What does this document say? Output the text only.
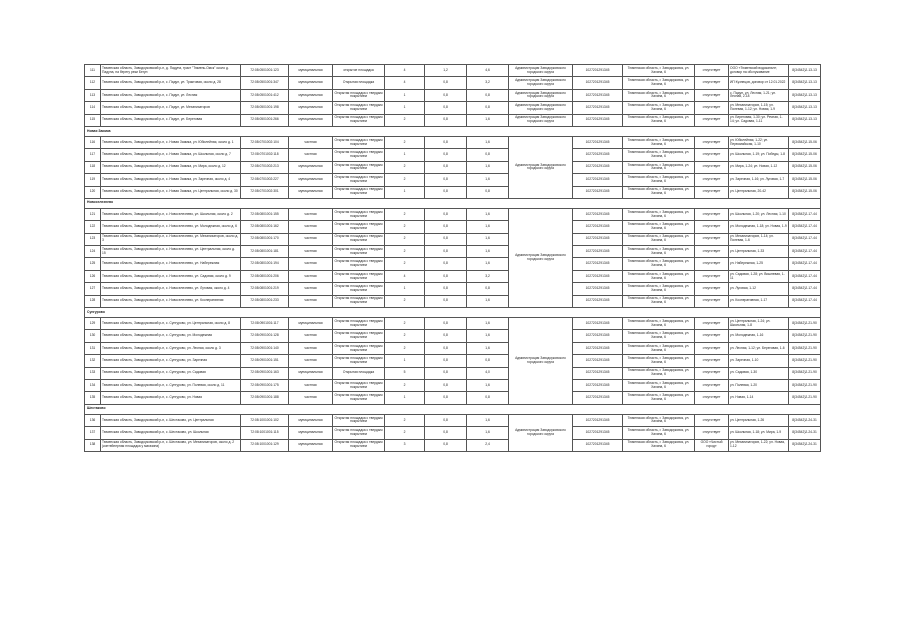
111	Тюменская область, Заводоуковский р-н, д. Падуна, тракт "Тюмень-Омск" около д. Падуна, на берегу реки Бегун	72:08:0501001:123	муниципальная	открытое площадка	4	1,2	4,6	Администрация Заводоуковского городского округа	1027201291345	Тюменская область, г. Заводоуковск, ул. Хахина, 6	отсутствует	ООО «Тюменский водоканал», договор на обслуживание	8(34542)2-13-13
112	Тюменская область, Заводоуковский р-н, с. Падун, ул. Трактовая, около д. 28	72:08:0501001:347	муниципальная	Открытая площадка	4	0,8	3,2	Администрация Заводоуковского городского округа	1027201291345	Тюменская область, г. Заводоуковск, ул. Хахина, 6	отсутствует	ИП Кузнецов, договор от 12.01.2022	8(34542)2-13-13
113	Тюменская область, Заводоуковский р-н, с. Падун, ул. Лесная	72:08:0501001:412	муниципальная	Открытая площадка с твердым покрытием	1	0,8	0,8	Администрация Заводоуковского городского округа	1027201291345	Тюменская область, г. Заводоуковск, ул. Хахина, 6	отсутствует	с. Падун, ул. Лесная, 1-21; ул. Лесная, 2-18	8(34542)2-13-13
114	Тюменская область, Заводоуковский р-н, с. Падун, ул. Механизаторов	72:08:0501001:198	муниципальная	Открытая площадка с твердым покрытием	1	0,8	0,8	Администрация Заводоуковского городского округа	1027201291345	Тюменская область, г. Заводоуковск, ул. Хахина, 6	отсутствует	ул. Механизаторов, 1-15; ул. Полевая, 1-12; ул. Новая, 1-9	8(34542)2-13-13
115	Тюменская область, Заводоуковский р-н, с. Падун, ул. Береговая	72:08:0501001:266	муниципальная	Открытая площадка с твердым покрытием	2	0,8	1,6	Администрация Заводоуковского городского округа	1027201291345	Тюменская область, г. Заводоуковск, ул. Хахина, 6	отсутствует	ул. Береговая, 1-30; ул. Речная, 1-14; ул. Садовая, 1-11	8(34542)2-13-13
Новая Заимка													
116	Тюменская область, Заводоуковский р-н, с. Новая Заимка, ул. Юбилейная, около д. 1	72:08:0701002:104	частная	Открытая площадка с твердым покрытием	2	0,8	1,6	Администрация Заводоуковского городского округа	1027201291345	Тюменская область, г. Заводоуковск, ул. Хахина, 6	отсутствует	ул. Юбилейная, 1-22; ул. Первомайская, 1-10	8(34542)2-15-06
117	Тюменская область, Заводоуковский р-н, с. Новая Заимка, ул. Школьная, около д. 7	72:08:0701002:118	частная	Открытая площадка с твердым покрытием	1	0,8	0,8		1027201291345	Тюменская область, г. Заводоуковск, ул. Хахина, 6	отсутствует	ул. Школьная, 1-19; ул. Победы, 1-8	8(34542)2-15-06
118	Тюменская область, Заводоуковский р-н, с. Новая Заимка, ул. Мира, около д. 12	72:08:0701002:213	муниципальная	Открытая площадка с твердым покрытием	2	0,8	1,6		1027201291345	Тюменская область, г. Заводоуковск, ул. Хахина, 6	отсутствует	ул. Мира, 1-24; ул. Новая, 1-12	8(34542)2-15-06
119	Тюменская область, Заводоуковский р-н, с. Новая Заимка, ул. Заречная, около д. 4	72:08:0701002:227	муниципальная	Открытая площадка с твердым покрытием	2	0,8	1,6		1027201291345	Тюменская область, г. Заводоуковск, ул. Хахина, 6	отсутствует	ул. Заречная, 1-16; ул. Луговая, 1-7	8(34542)2-15-06
120	Тюменская область, Заводоуковский р-н, с. Новая Заимка, ул. Центральная, около д. 30	72:08:0701002:301	муниципальная	Открытая площадка с твердым покрытием	1	0,8	0,8		1027201291345	Тюменская область, г. Заводоуковск, ул. Хахина, 6	отсутствует	ул. Центральная, 20-42	8(34542)2-15-06
Новоселезнево													
121	Тюменская область, Заводоуковский р-н, с. Новоселезнево, ул. Школьная, около д. 2	72:08:0801001:155	частная	Открытая площадка с твердым покрытием	2	0,8	1,6	Администрация Заводоуковского городского округа	1027201291345	Тюменская область, г. Заводоуковск, ул. Хахина, 6	отсутствует	ул. Школьная, 1-20; ул. Лесная, 1-10	8(34542)2-17-44
122	Тюменская область, Заводоуковский р-н, с. Новоселезнево, ул. Молодежная, около д. 6	72:08:0801001:162	частная	Открытая площадка с твердым покрытием	2	0,8	1,6		1027201291345	Тюменская область, г. Заводоуковск, ул. Хахина, 6	отсутствует	ул. Молодежная, 1-18; ул. Новая, 1-9	8(34542)2-17-44
123	Тюменская область, Заводоуковский р-н, с. Новоселезнево, ул. Механизаторов, около д. 3	72:08:0801001:170	частная	Открытая площадка с твердым покрытием	2	0,8	1,6		1027201291345	Тюменская область, г. Заводоуковск, ул. Хахина, 6	отсутствует	ул. Механизаторов, 1-14; ул. Полевая, 1-6	8(34542)2-17-44
124	Тюменская область, Заводоуковский р-н, с. Новоселезнево, ул. Центральная, около д. 15	72:08:0801001:181	частная	Открытая площадка с твердым покрытием	2	0,8	1,6		1027201291345	Тюменская область, г. Заводоуковск, ул. Хахина, 6	отсутствует	ул. Центральная, 1-33	8(34542)2-17-44
125	Тюменская область, Заводоуковский р-н, с. Новоселезнево, ул. Набережная	72:08:0801001:194	частная	Открытая площадка с твердым покрытием	2	0,8	1,6		1027201291345	Тюменская область, г. Заводоуковск, ул. Хахина, 6	отсутствует	ул. Набережная, 1-25	8(34542)2-17-44
126	Тюменская область, Заводоуковский р-н, с. Новоселезнево, ул. Садовая, около д. 9	72:08:0801001:206	частная	Открытая площадка с твердым покрытием	4	0,8	3,2		1027201291345	Тюменская область, г. Заводоуковск, ул. Хахина, 6	отсутствует	ул. Садовая, 1-28; ул. Вишневая, 1-11	8(34542)2-17-44
127	Тюменская область, Заводоуковский р-н, с. Новоселезнево, ул. Луговая, около д. 4	72:08:0801001:219	частная	Открытая площадка с твердым покрытием	1	0,8	0,8		1027201291345	Тюменская область, г. Заводоуковск, ул. Хахина, 6	отсутствует	ул. Луговая, 1-12	8(34542)2-17-44
128	Тюменская область, Заводоуковский р-н, с. Новоселезнево, ул. Кооперативная	72:08:0801001:233	частная	Открытая площадка с твердым покрытием	2	0,8	1,6		1027201291345	Тюменская область, г. Заводоуковск, ул. Хахина, 6	отсутствует	ул. Кооперативная, 1-17	8(34542)2-17-44
Сунгурово													
129	Тюменская область, Заводоуковский р-н, с. Сунгурово, ул. Центральная, около д. 8	72:08:0901001:117	муниципальная	Открытая площадка с твердым покрытием	2	0,8	1,6	Администрация Заводоуковского городского округа	1027201291345	Тюменская область, г. Заводоуковск, ул. Хахина, 6	отсутствует	ул. Центральная, 1-24; ул. Школьная, 1-8	8(34542)2-21-90
130	Тюменская область, Заводоуковский р-н, с. Сунгурово, ул. Молодежная	72:08:0901001:128	частная	Открытая площадка с твердым покрытием	2	0,8	1,6		1027201291345	Тюменская область, г. Заводоуковск, ул. Хахина, 6	отсутствует	ул. Молодежная, 1-16	8(34542)2-21-90
131	Тюменская область, Заводоуковский р-н, с. Сунгурово, ул. Лесная, около д. 3	72:08:0901001:140	частная	Открытая площадка с твердым покрытием	2	0,8	1,6		1027201291345	Тюменская область, г. Заводоуковск, ул. Хахина, 6	отсутствует	ул. Лесная, 1-12; ул. Береговая, 1-6	8(34542)2-21-90
132	Тюменская область, Заводоуковский р-н, с. Сунгурово, ул. Заречная	72:08:0901001:151	частная	Открытая площадка с твердым покрытием	1	0,8	0,8		1027201291345	Тюменская область, г. Заводоуковск, ул. Хахина, 6	отсутствует	ул. Заречная, 1-10	8(34542)2-21-90
133	Тюменская область, Заводоуковский р-н, с. Сунгурово, ул. Садовая	72:08:0901001:163	муниципальная	Открытая площадка	5	0,8	4,0		1027201291345	Тюменская область, г. Заводоуковск, ул. Хахина, 6	отсутствует	ул. Садовая, 1-30	8(34542)2-21-90
134	Тюменская область, Заводоуковский р-н, с. Сунгурово, ул. Полевая, около д. 11	72:08:0901001:175	частная	Открытая площадка с твердым покрытием	2	0,8	1,6		1027201291345	Тюменская область, г. Заводоуковск, ул. Хахина, 6	отсутствует	ул. Полевая, 1-20	8(34542)2-21-90
135	Тюменская область, Заводоуковский р-н, с. Сунгурово, ул. Новая	72:08:0901001:188	частная	Открытая площадка с твердым покрытием	1	0,8	0,8		1027201291345	Тюменская область, г. Заводоуковск, ул. Хахина, 6	отсутствует	ул. Новая, 1-14	8(34542)2-21-90
Шестаково													
136	Тюменская область, Заводоуковский р-н, с. Шестаково, ул. Центральная	72:08:1001001:102	муниципальная	Открытая площадка с твердым покрытием	2	0,8	1,6	Администрация Заводоуковского городского округа	1027201291345	Тюменская область, г. Заводоуковск, ул. Хахина, 6	отсутствует	ул. Центральная, 1-26	8(34542)2-24-31
137	Тюменская область, Заводоуковский р-н, с. Шестаково, ул. Школьная	72:08:1001001:115	муниципальная	Открытая площадка с твердым покрытием	2	0,8	1,6		1027201291345	Тюменская область, г. Заводоуковск, ул. Хахина, 6	отсутствует	ул. Школьная, 1-18; ул. Мира, 1-9	8(34542)2-24-31
138	Тюменская область, Заводоуковский р-н, с. Шестаково, ул. Механизаторов, около д. 2 (контейнерная площадка у магазина)	72:08:1001001:129	муниципальная	Открытая площадка с твердым покрытием	3	0,8	2,4		1027201291345	Тюменская область, г. Заводоуковск, ул. Хахина, 6	ООО «Чистый город»	ул. Механизаторов, 1-22; ул. Новая, 1-12	8(34542)2-24-31
